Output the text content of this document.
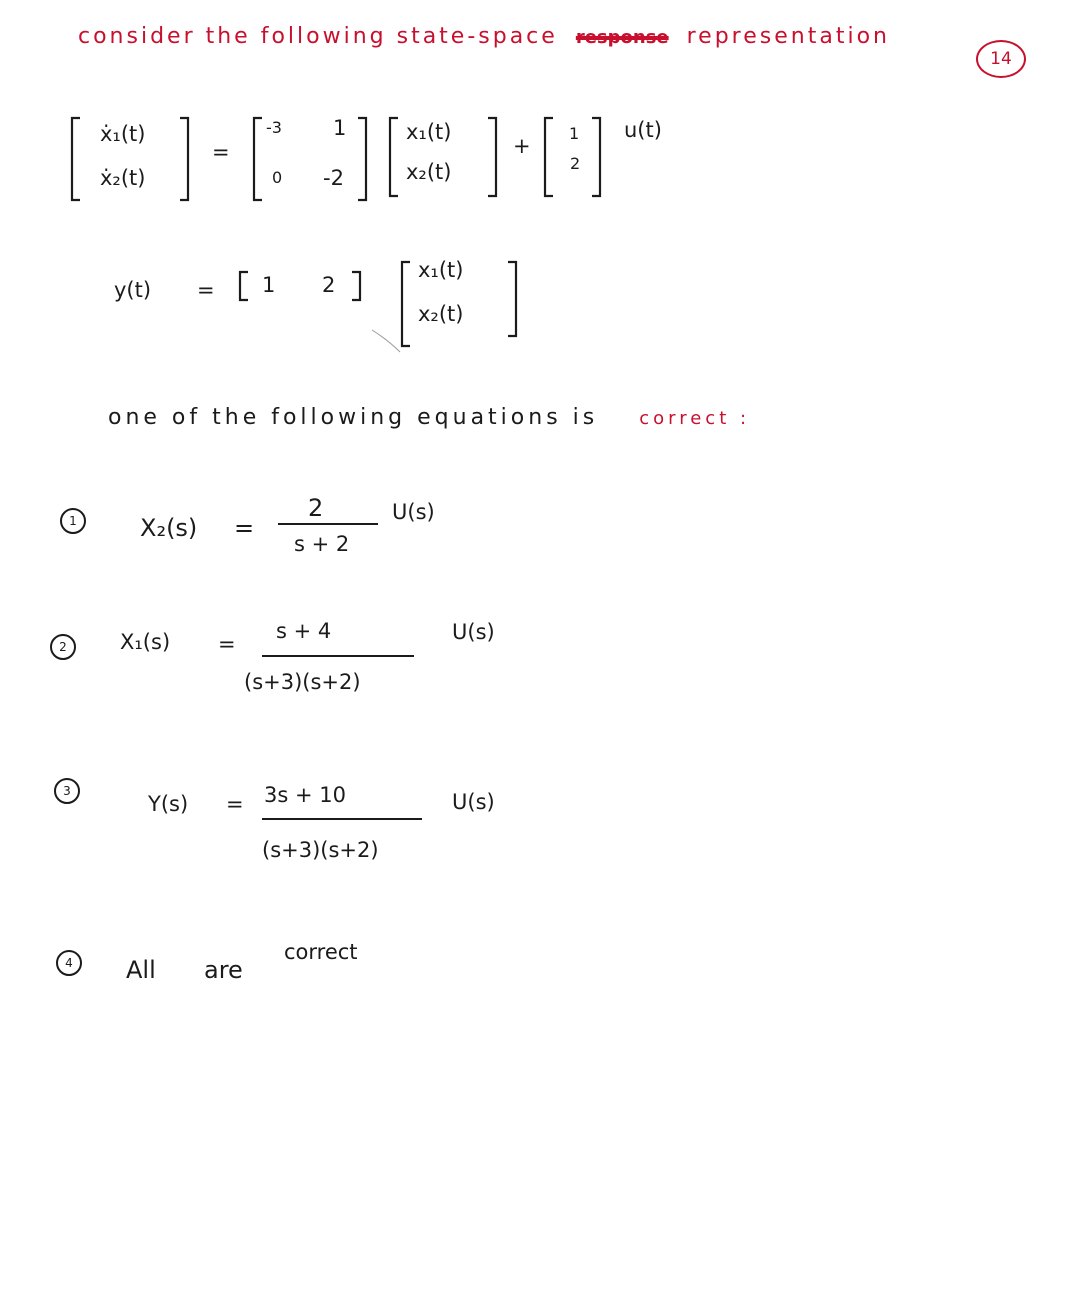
consider the following state-space response representation
14
ẋ₁(t)
ẋ₂(t)
=
-3 1
0 -2
x₁(t)
x₂(t)
+
1
2
u(t)
y(t) = 1 2
x₁(t)
x₂(t)
one of the following equations is correct :
1	X₂(s) =
2
s + 2
U(s)
2	X₁(s) =
s + 4
(s+3)(s+2)
U(s)
3
Y(s) = 3s + 10
(s+3)(s+2)
U(s)
4	All are
correct
